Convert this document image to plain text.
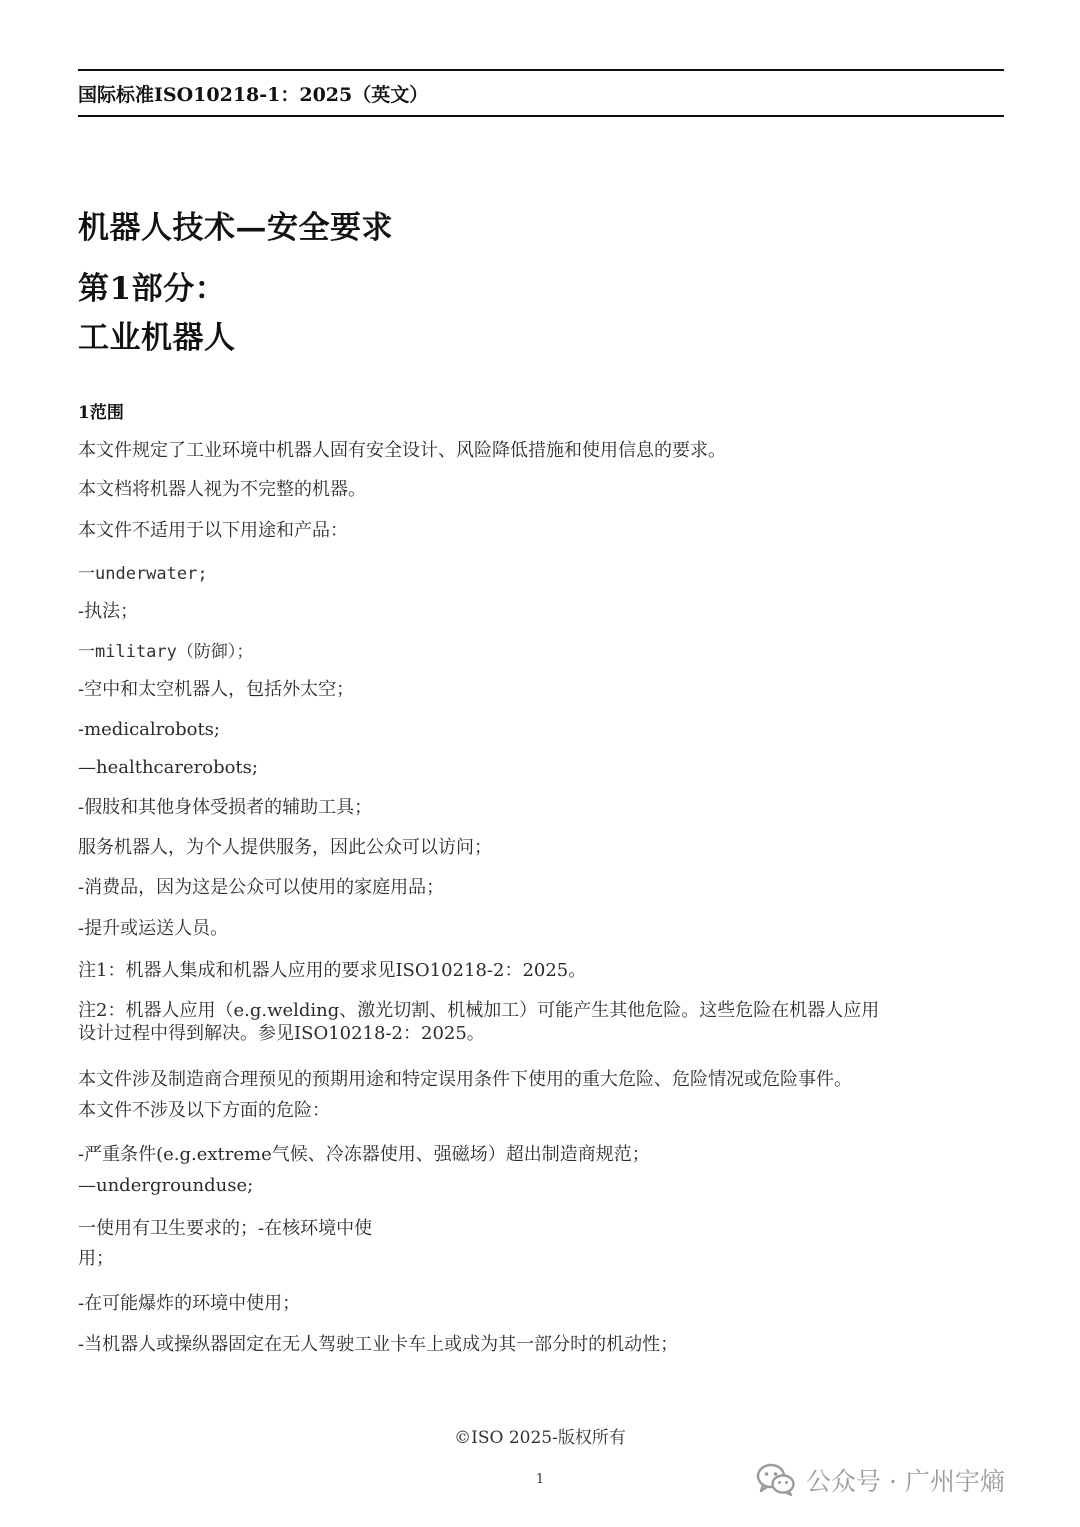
国际标准ISO10218-1：2025（英文）
机器人技术—安全要求
第1部分：
工业机器人
1范围
本文件规定了工业环境中机器人固有安全设计、风险降低措施和使用信息的要求。
本文档将机器人视为不完整的机器。
本文件不适用于以下用途和产品：
一underwater;
-执法；
一military（防御）；
-空中和太空机器人，包括外太空；
-medicalrobots;
—healthcarerobots;
-假肢和其他身体受损者的辅助工具；
服务机器人，为个人提供服务，因此公众可以访问；
-消费品，因为这是公众可以使用的家庭用品；
-提升或运送人员。
注1：机器人集成和机器人应用的要求见ISO10218-2：2025。
注2：机器人应用（e.g.welding、激光切割、机械加工）可能产生其他危险。这些危险在机器人应用
设计过程中得到解决。参见ISO10218-2：2025。
本文件涉及制造商合理预见的预期用途和特定误用条件下使用的重大危险、危险情况或危险事件。
本文件不涉及以下方面的危险：
-严重条件(e.g.extreme气候、冷冻器使用、强磁场）超出制造商规范；
—undergrounduse;
一使用有卫生要求的；-在核环境中使
用；
-在可能爆炸的环境中使用；
-当机器人或操纵器固定在无人驾驶工业卡车上或成为其一部分时的机动性；
©ISO 2025-版权所有
1	公众号 · 广州宇熵
